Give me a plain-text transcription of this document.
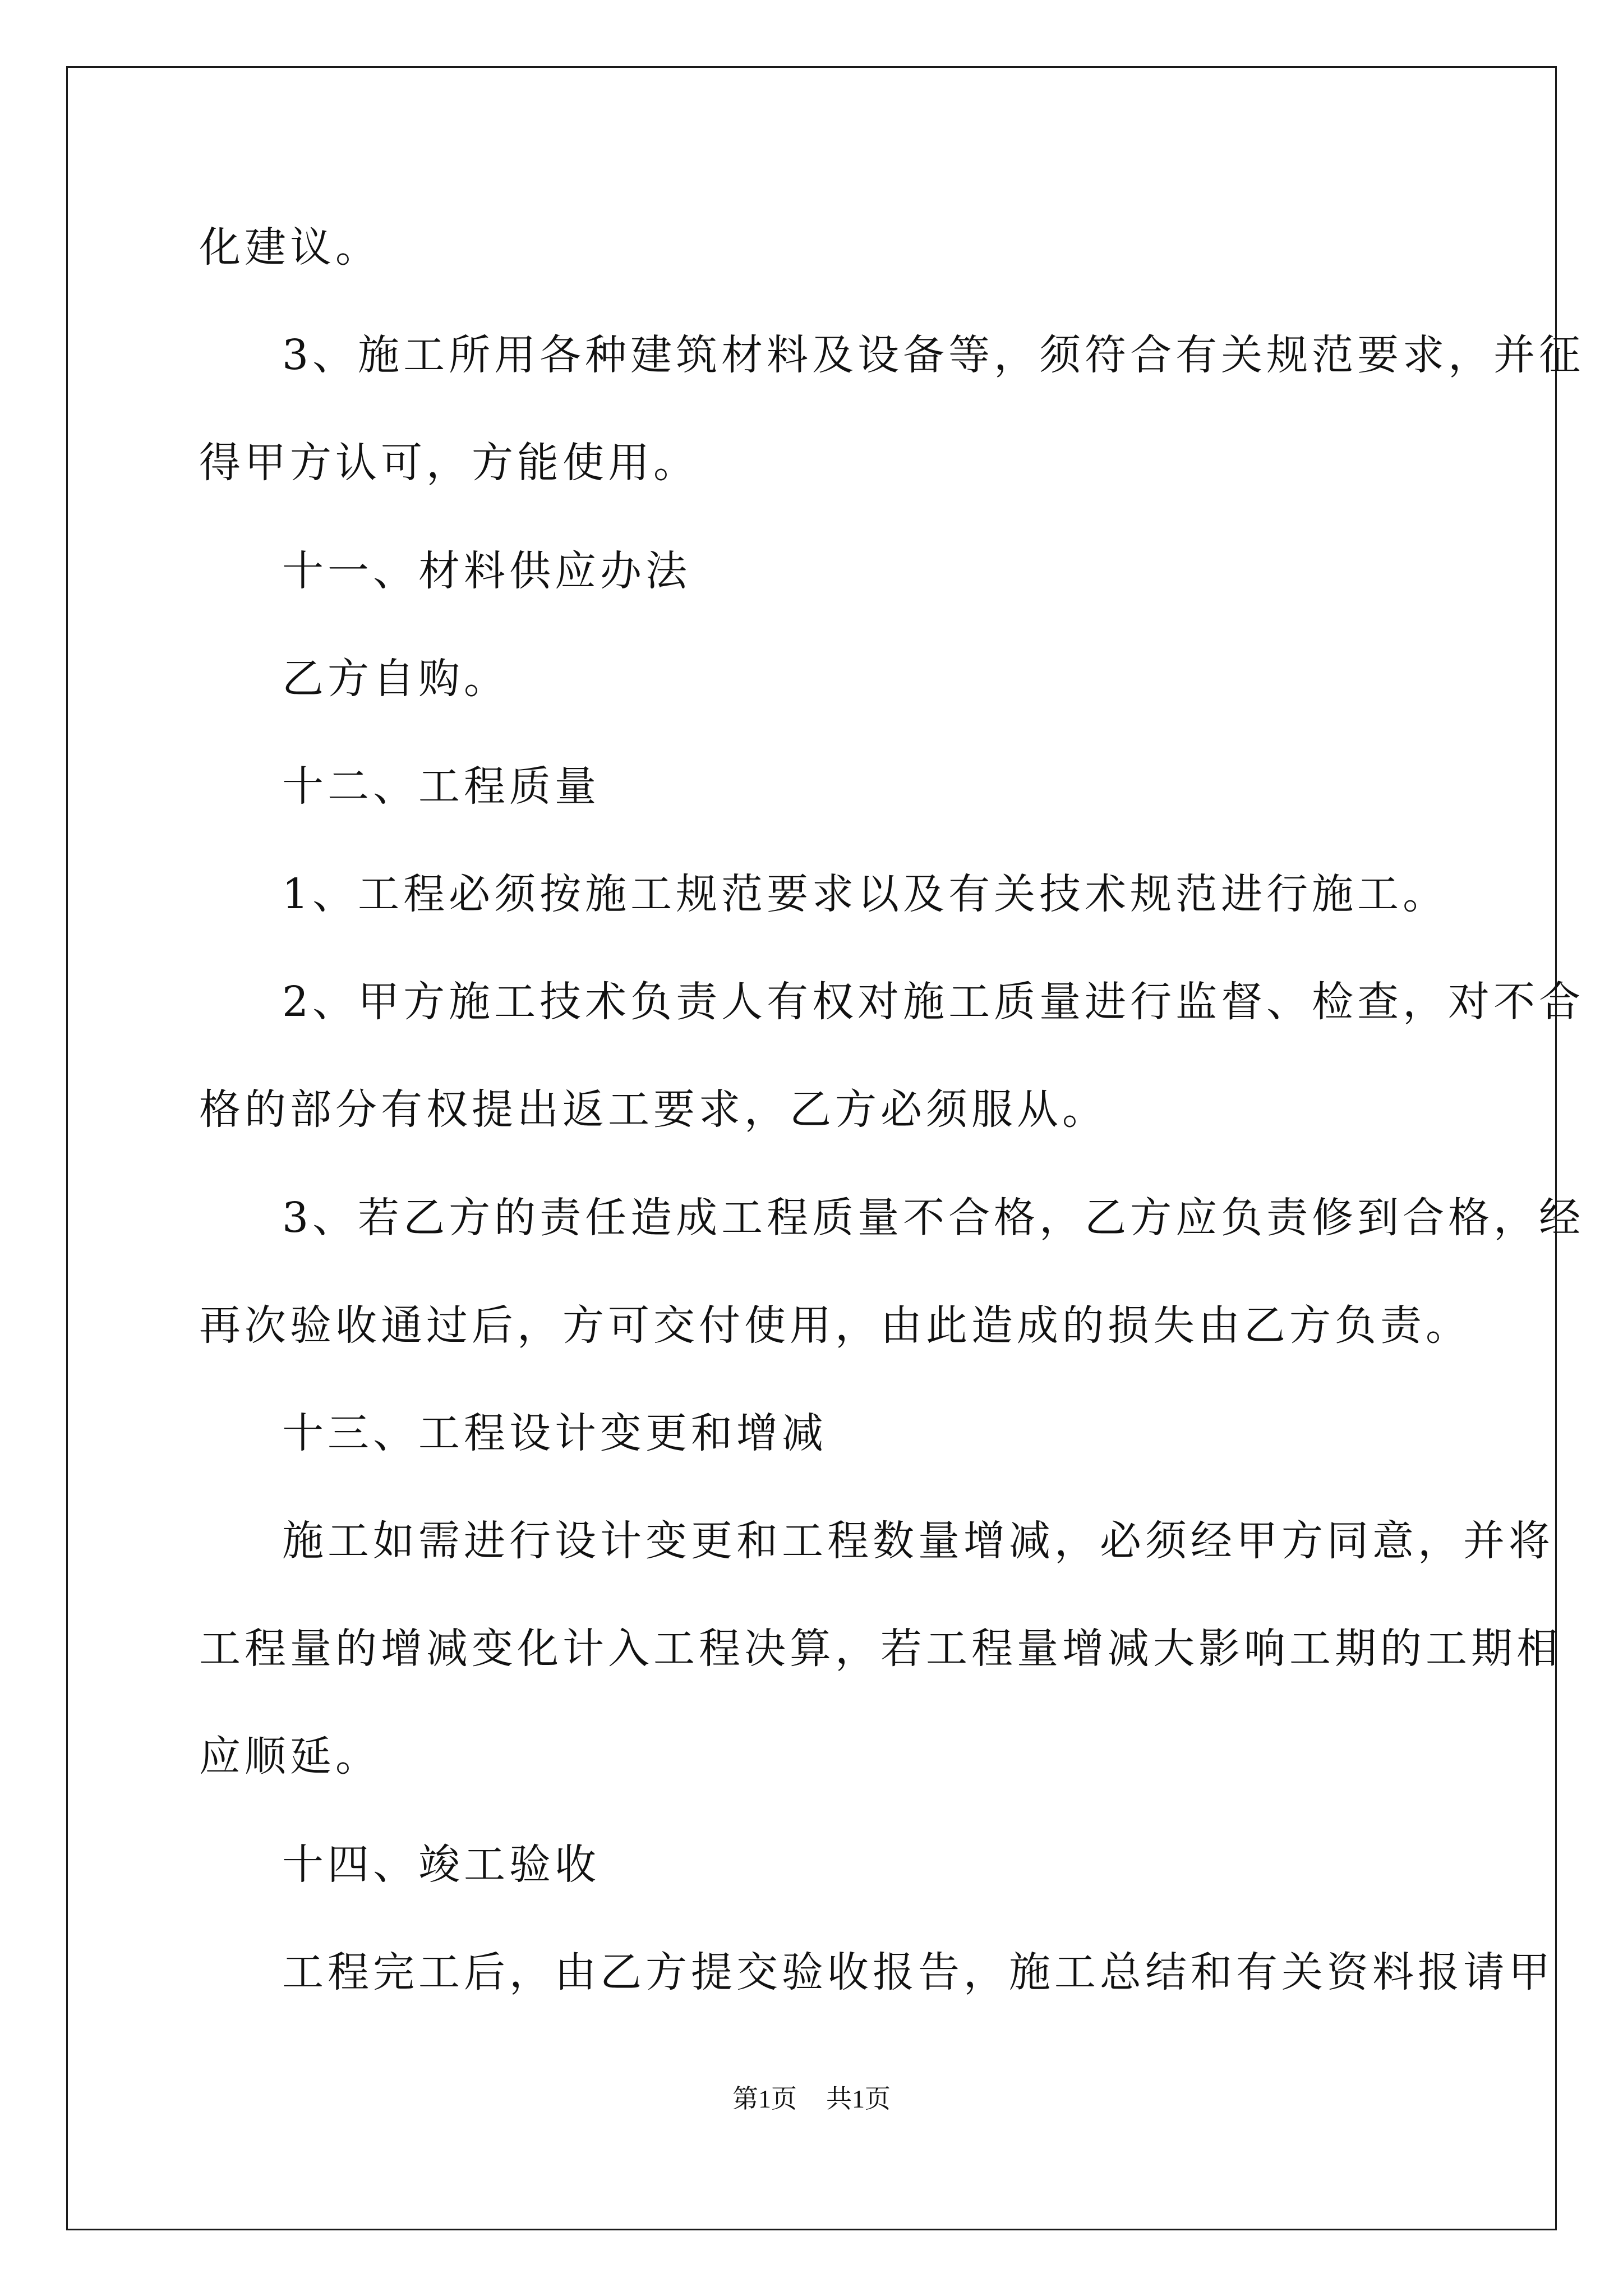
化建议。
3、施工所用各种建筑材料及设备等，须符合有关规范要求，并征
得甲方认可，方能使用。
十一、材料供应办法
乙方自购。
十二、工程质量
1、工程必须按施工规范要求以及有关技术规范进行施工。
2、甲方施工技术负责人有权对施工质量进行监督、检查，对不合
格的部分有权提出返工要求，乙方必须服从。
3、若乙方的责任造成工程质量不合格，乙方应负责修到合格，经
再次验收通过后，方可交付使用，由此造成的损失由乙方负责。
十三、工程设计变更和增减
施工如需进行设计变更和工程数量增减，必须经甲方同意，并将
工程量的增减变化计入工程决算，若工程量增减大影响工期的工期相
应顺延。
十四、竣工验收
工程完工后，由乙方提交验收报告，施工总结和有关资料报请甲
第1页 共1页
